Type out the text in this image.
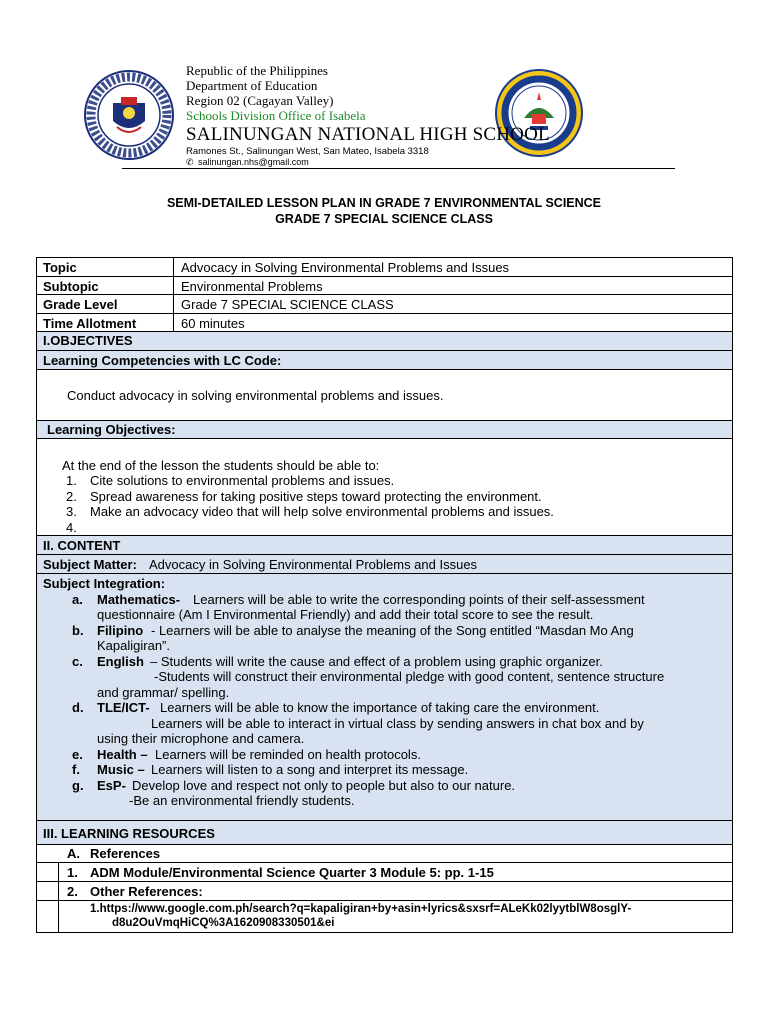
Republic of the Philippines
Department of Education
Region 02 (Cagayan Valley)
Schools Division Office of Isabela
SALINUNGAN NATIONAL HIGH SCHOOL
Ramones St., Salinungan West, San Mateo, Isabela 3318
✆ salinungan.nhs@gmail.com
SEMI-DETAILED LESSON PLAN IN GRADE 7 ENVIRONMENTAL SCIENCE
GRADE 7 SPECIAL SCIENCE CLASS
Topic	Advocacy in Solving Environmental Problems and Issues
Subtopic	Environmental Problems
Grade Level	Grade 7 SPECIAL SCIENCE CLASS
Time Allotment	60 minutes
I.OBJECTIVES
Learning Competencies with LC Code:
Conduct advocacy in solving environmental problems and issues.
Learning Objectives:
At the end of the lesson the students should be able to:
1. Cite solutions to environmental problems and issues.
2. Spread awareness for taking positive steps toward protecting the environment.
3. Make an advocacy video that will help solve environmental problems and issues.
4.
II. CONTENT
Subject Matter: Advocacy in Solving Environmental Problems and Issues
Subject Integration:
a. Mathematics- Learners will be able to write the corresponding points of their self-assessment
questionnaire (Am I Environmental Friendly) and add their total score to see the result.
b. Filipino - Learners will be able to analyse the meaning of the Song entitled “Masdan Mo Ang
Kapaligiran”.
c. English – Students will write the cause and effect of a problem using graphic organizer.
-Students will construct their environmental pledge with good content, sentence structure
and grammar/ spelling.
d. TLE/ICT- Learners will be able to know the importance of taking care the environment.
Learners will be able to interact in virtual class by sending answers in chat box and by
using their microphone and camera.
e. Health – Learners will be reminded on health protocols.
f. Music – Learners will listen to a song and interpret its message.
g. EsP- Develop love and respect not only to people but also to our nature.
-Be an environmental friendly students.
III. LEARNING RESOURCES
A. References
1. ADM Module/Environmental Science Quarter 3 Module 5: pp. 1-15
2. Other References:
1.https://www.google.com.ph/search?q=kapaligiran+by+asin+lyrics&sxsrf=ALeKk02lyytblW8osglY-
d8u2OuVmqHiCQ%3A1620908330501&ei
